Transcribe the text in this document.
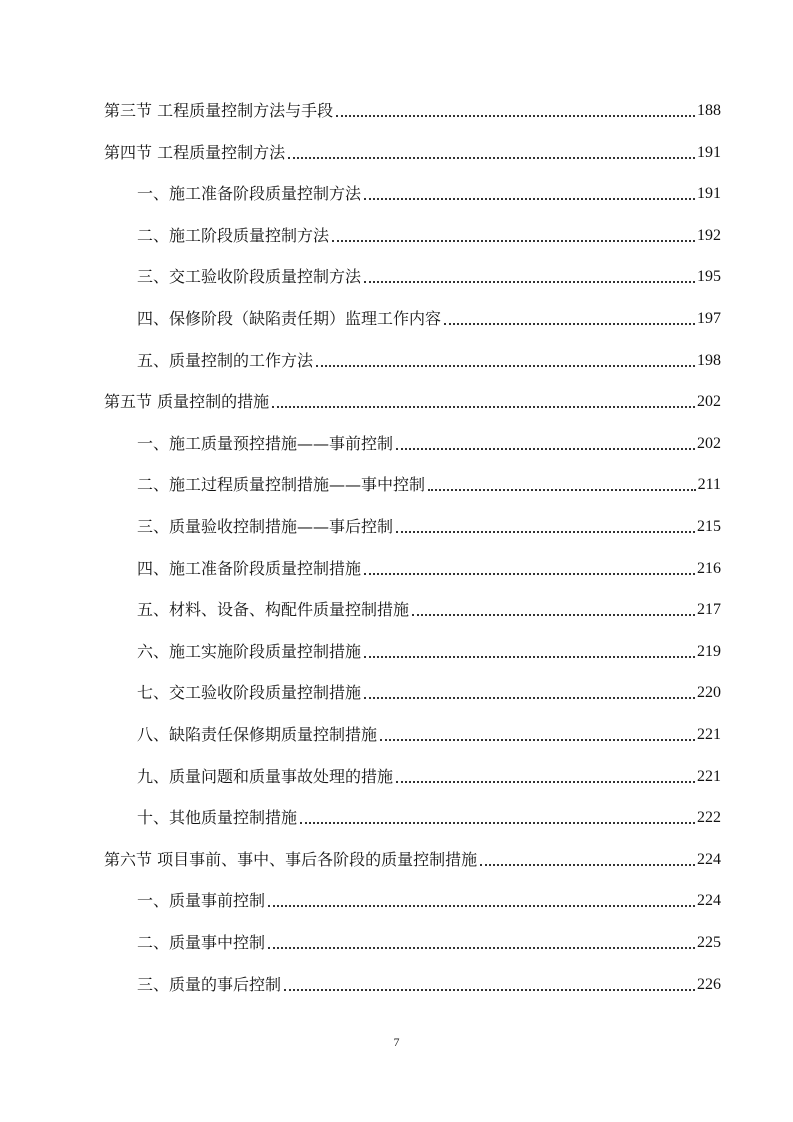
第三节 工程质量控制方法与手段	188
第四节 工程质量控制方法	191
一、施工准备阶段质量控制方法	191
二、施工阶段质量控制方法	192
三、交工验收阶段质量控制方法	195
四、保修阶段（缺陷责任期）监理工作内容	197
五、质量控制的工作方法	198
第五节 质量控制的措施	202
一、施工质量预控措施——事前控制	202
二、施工过程质量控制措施——事中控制	211
三、质量验收控制措施——事后控制	215
四、施工准备阶段质量控制措施	216
五、材料、设备、构配件质量控制措施	217
六、施工实施阶段质量控制措施	219
七、交工验收阶段质量控制措施	220
八、缺陷责任保修期质量控制措施	221
九、质量问题和质量事故处理的措施	221
十、其他质量控制措施	222
第六节 项目事前、事中、事后各阶段的质量控制措施	224
一、质量事前控制	224
二、质量事中控制	225
三、质量的事后控制	226
7
